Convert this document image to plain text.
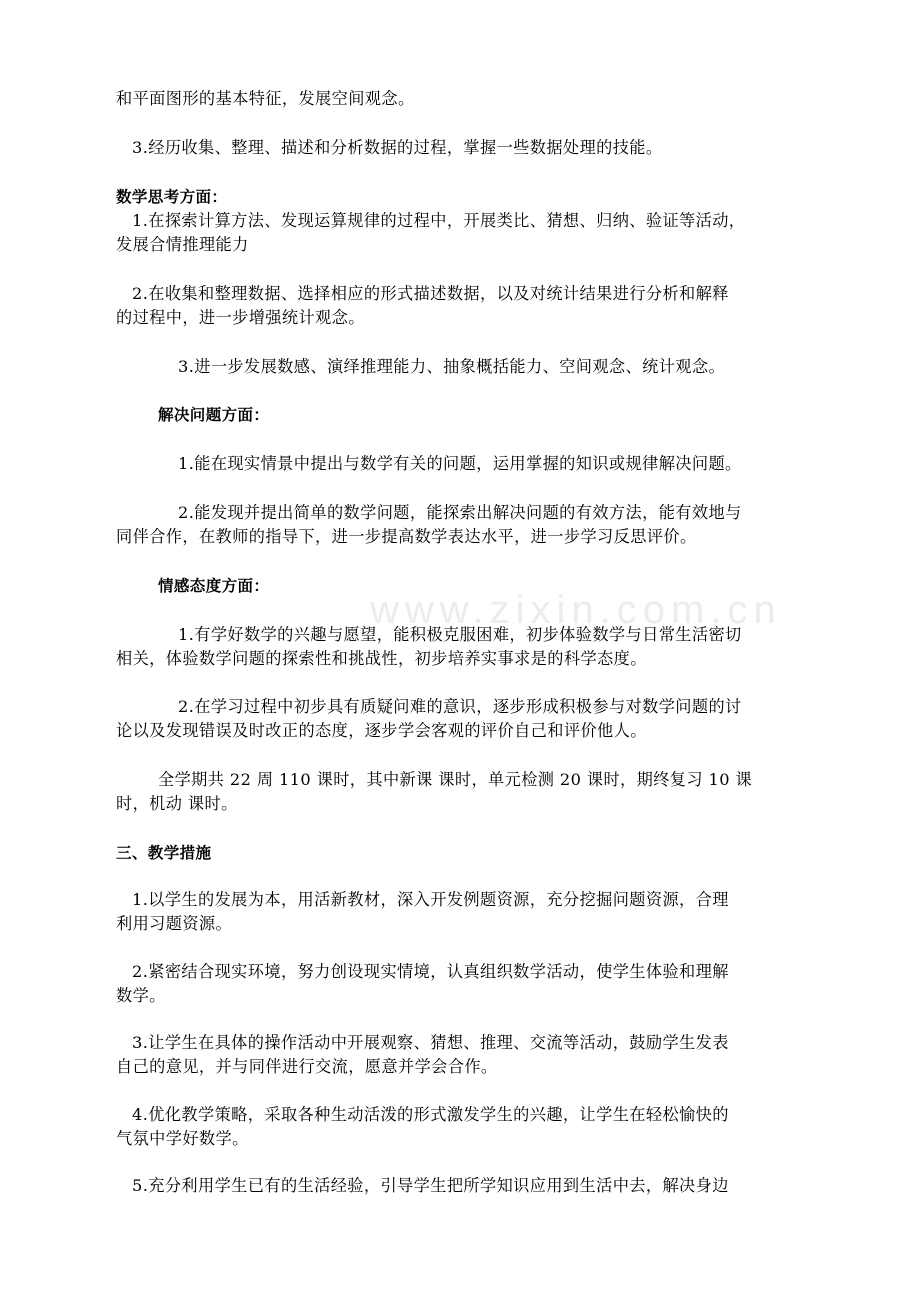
www.zixin.com.cn
和平面图形的基本特征，发展空间观念。
3.经历收集、整理、描述和分析数据的过程，掌握一些数据处理的技能。
数学思考方面：
1.在探索计算方法、发现运算规律的过程中，开展类比、猜想、归纳、验证等活动，
发展合情推理能力
2.在收集和整理数据、选择相应的形式描述数据，以及对统计结果进行分析和解释
的过程中，进一步增强统计观念。
3.进一步发展数感、演绎推理能力、抽象概括能力、空间观念、统计观念。
解决问题方面：
1.能在现实情景中提出与数学有关的问题，运用掌握的知识或规律解决问题。
2.能发现并提出简单的数学问题，能探索出解决问题的有效方法，能有效地与
同伴合作，在教师的指导下，进一步提高数学表达水平，进一步学习反思评价。
情感态度方面：
1.有学好数学的兴趣与愿望，能积极克服困难，初步体验数学与日常生活密切
相关，体验数学问题的探索性和挑战性，初步培养实事求是的科学态度。
2.在学习过程中初步具有质疑问难的意识，逐步形成积极参与对数学问题的讨
论以及发现错误及时改正的态度，逐步学会客观的评价自己和评价他人。
全学期共 22 周 110 课时，其中新课 课时，单元检测 20 课时，期终复习 10 课
时，机动 课时。
三、教学措施
1.以学生的发展为本，用活新教材，深入开发例题资源，充分挖掘问题资源，合理
利用习题资源。
2.紧密结合现实环境，努力创设现实情境，认真组织数学活动，使学生体验和理解
数学。
3.让学生在具体的操作活动中开展观察、猜想、推理、交流等活动，鼓励学生发表
自己的意见，并与同伴进行交流，愿意并学会合作。
4.优化教学策略，采取各种生动活泼的形式激发学生的兴趣，让学生在轻松愉快的
气氛中学好数学。
5.充分利用学生已有的生活经验，引导学生把所学知识应用到生活中去，解决身边
